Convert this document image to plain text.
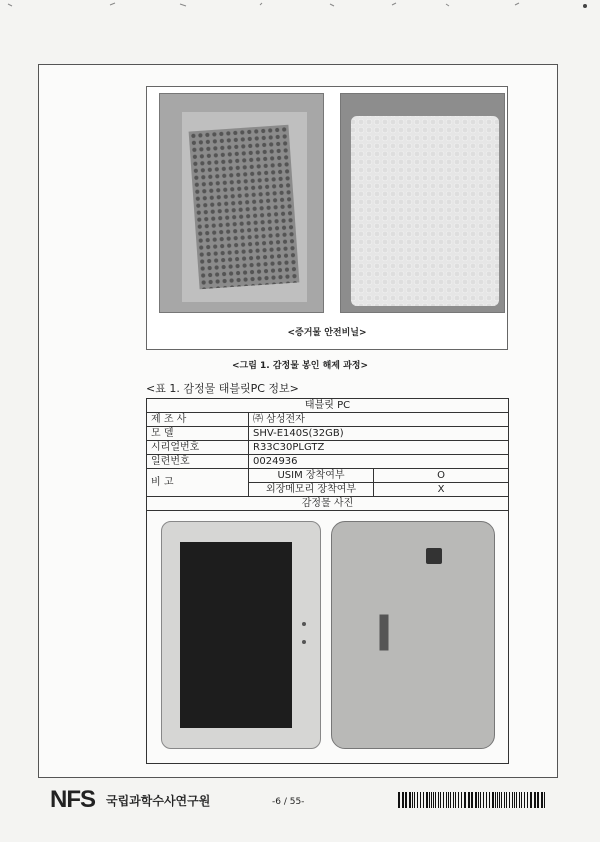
<증거물 안전비닐>
<그림 1. 감정물 봉인 해제 과정>
<표 1. 감정물 태블릿PC 정보>
태블릿 PC		
제 조 사	㈜ 삼성전자	
모 델	SHV-E140S(32GB)	
시리얼번호	R33C30PLGTZ	
일련번호	0024936	
비 고	USIM 장착여부	O
	외장메모리 장착여부	X
감정물 사진		

NFS 국립과학수사연구원	-6 / 55-
